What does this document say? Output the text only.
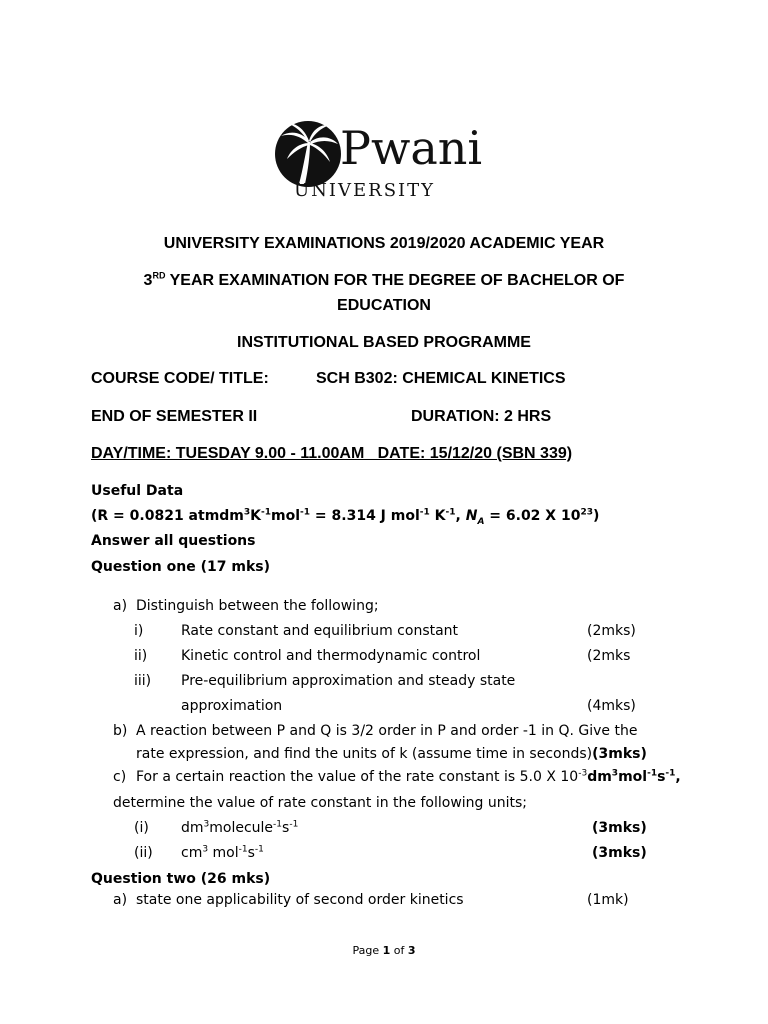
Pwani
UNIVERSITY
UNIVERSITY EXAMINATIONS 2019/2020 ACADEMIC YEAR
3RD YEAR EXAMINATION FOR THE DEGREE OF BACHELOR OF
EDUCATION
INSTITUTIONAL BASED PROGRAMME
COURSE CODE/ TITLE:	SCH B302: CHEMICAL KINETICS
END OF SEMESTER II	DURATION: 2 HRS
DAY/TIME: TUESDAY 9.00 - 11.00AM   DATE: 15/12/20 (SBN 339)
Useful Data
(R = 0.0821 $atmdm^3K^{-1}mol^{-1} = 8.314$ J mol$^{-1}$ $K^{-1}$, $N_A = 6.02$ X $10^{23}$)
Answer all questions
Question one (17 mks)
a) Distinguish between the following;
i)	Rate constant and equilibrium constant	(2mks)
ii) Kinetic control and thermodynamic control	(2mks
iii) Pre-equilibrium approximation and steady state
approximation	(4mks)
b) A reaction between P and Q is 3/2 order in P and order -1 in Q. Give the
rate expression, and find the units of k (assume time in seconds)(3mks)
c) For a certain reaction the value of the rate constant is 5.0 X $10^{-3}dm^3mol^{-1}s^{-1}$,
determine the value of rate constant in the following units;
(i) $dm^3molecule^{-1}s^{-1}$	(3mks)
(ii) $cm^3$ $mol^{-1}s^{-1}$	(3mks)
Question two (26 mks)
a) state one applicability of second order kinetics	(1mk)
Page 1 of 3
